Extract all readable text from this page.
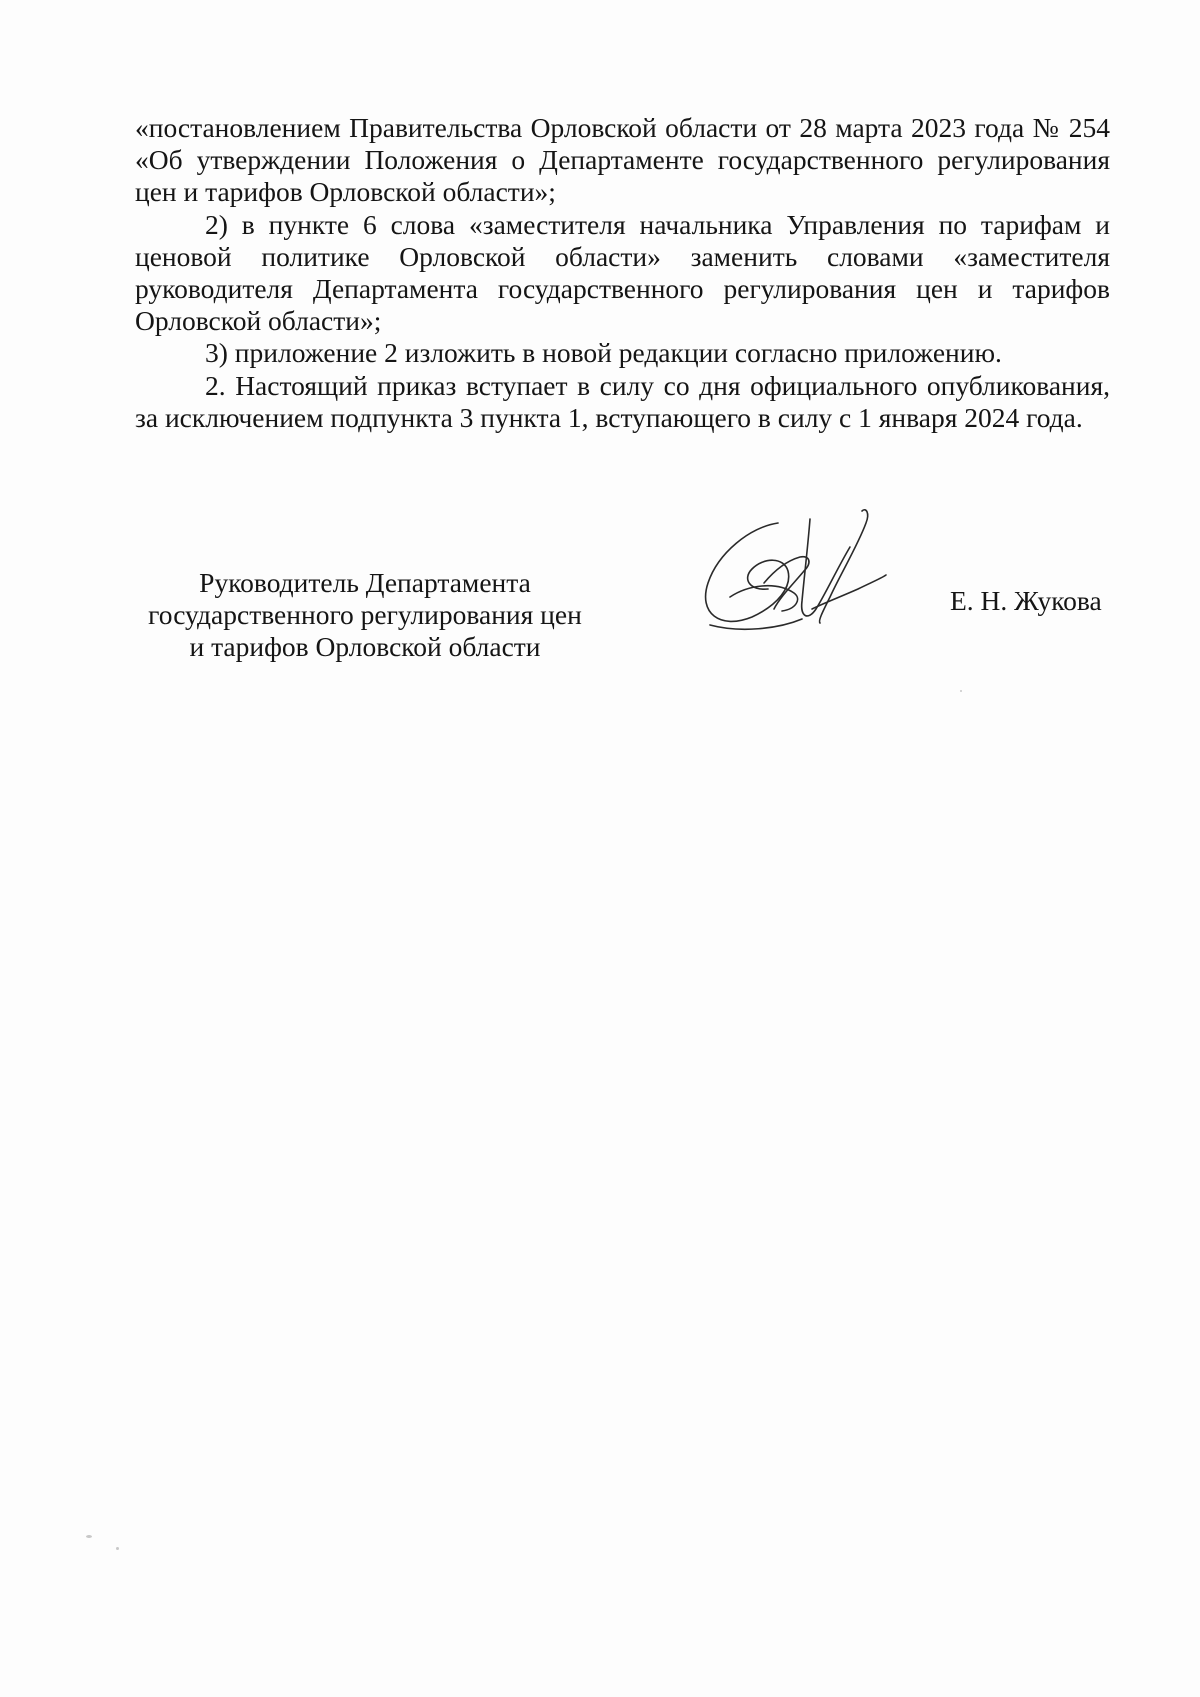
«постановлением Правительства Орловской области от 28 марта 2023 года № 254 «Об утверждении Положения о Департаменте государственного регулирования цен и тарифов Орловской области»;

2) в пункте 6 слова «заместителя начальника Управления по тарифам и ценовой политике Орловской области» заменить словами «заместителя руководителя Департамента государственного регулирования цен и тарифов Орловской области»;

3) приложение 2 изложить в новой редакции согласно приложению.

2. Настоящий приказ вступает в силу со дня официального опубликования, за исключением подпункта 3 пункта 1, вступающего в силу с 1 января 2024 года.

Руководитель Департамента
государственного регулирования цен
и тарифов Орловской области
Е. Н. Жукова
